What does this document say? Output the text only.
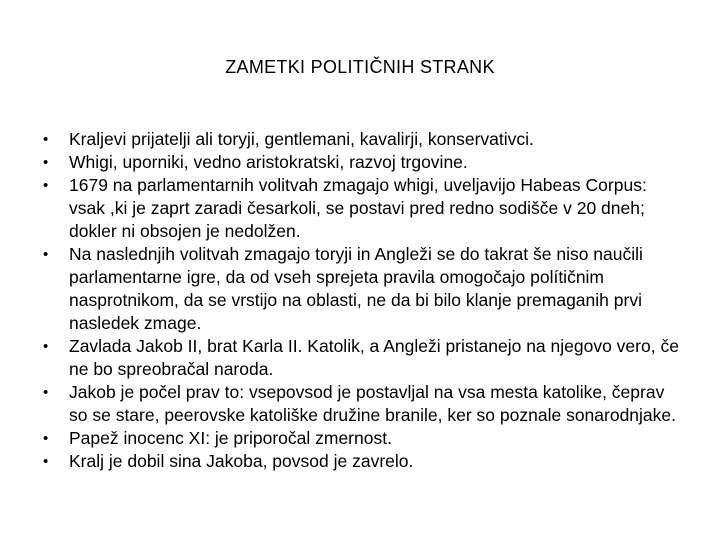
ZAMETKI POLITIČNIH STRANK
•	Kraljevi prijatelji ali toryji, gentlemani, kavalirji, konservativci.
•	Whigi, uporniki, vedno aristokratski, razvoj trgovine.
•	1679 na parlamentarnih volitvah zmagajo whigi, uveljavijo Habeas Corpus: vsak ,ki je zaprt zaradi česarkoli, se postavi pred redno sodišče v 20 dneh; dokler ni obsojen je nedolžen.
•	Na naslednjih volitvah zmagajo toryji in Angleži se do takrat še niso naučili parlamentarne igre, da od vseh sprejeta pravila omogočajo polítičnim nasprotnikom, da se vrstijo na oblasti, ne da bi bilo klanje premaganih prvi nasledek zmage.
•	Zavlada Jakob II, brat Karla II. Katolik, a Angleži pristanejo na njegovo vero, če ne bo spreobračal naroda.
•	Jakob je počel prav to: vsepovsod je postavljal na vsa mesta katolike, čeprav so se stare, peerovske katoliške družine branile, ker so poznale sonarodnjake.
•	Papež inocenc XI: je priporočal zmernost.
•	Kralj je dobil sina Jakoba, povsod je zavrelo.
